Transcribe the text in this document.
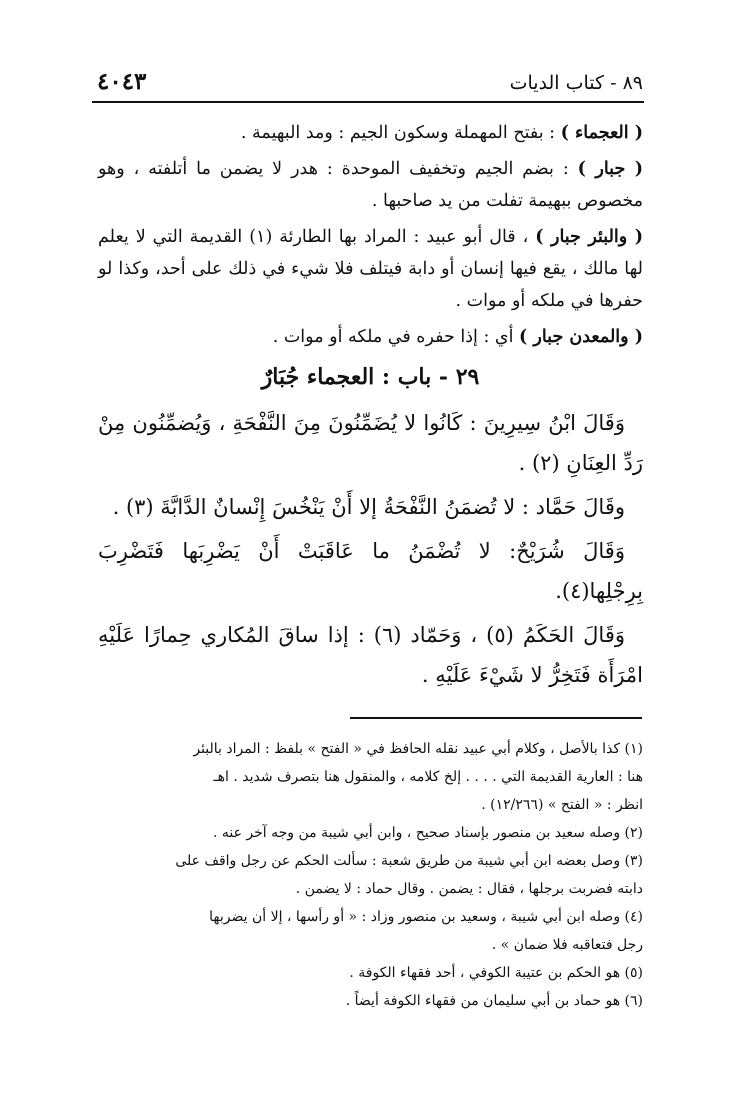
٨٩ - كتاب الديات
٤٠٤٣

( العجماء ) : بفتح المهملة وسكون الجيم : ومد البهيمة .

( جبار ) : بضم الجيم وتخفيف الموحدة : هدر لا يضمن ما أتلفته ، وهو مخصوص ببهيمة تفلت من يد صاحبها .

( والبئر جبار ) ، قال أبو عبيد : المراد بها الطارئة (١) القديمة التي لا يعلم لها مالك ، يقع فيها إنسان أو دابة فيتلف فلا شيء في ذلك على أحد، وكذا لو حفرها في ملكه أو موات .

( والمعدن جبار ) أي : إذا حفره في ملكه أو موات .

٢٩ - باب : العجماء جُبَارٌ

وَقَالَ ابْنُ سِيرِينَ : كَانُوا لا يُضَمِّنُونَ مِنَ النَّفْحَةِ ، وَيُضمِّنُون مِنْ رَدِّ العِنَانِ (٢) .

وقَالَ حَمَّاد : لا تُضمَنُ النَّفْحَةُ إلا أَنْ يَنْخُسَ إِنْسانٌ الدَّابَّةَ (٣) .

وَقَالَ شُرَيْحٌ: لا تُضْمَنُ ما عَاقَبَتْ أَنْ يَضْرِبَها فَتَضْرِبَ بِرِجْلِها(٤).

وَقَالَ الحَكَمُ (٥) ، وَحَمّاد (٦) : إذا ساقَ المُكاري حِمارًا عَلَيْهِ امْرَأَة فَتَخِرُّ لا شَيْءَ عَلَيْهِ .

(١) كذا بالأصل ، وكلام أبي عبيد نقله الحافظ في « الفتح » بلفظ : المراد بالبئر

هنا : العارية القديمة التي . . . . إلخ كلامه ، والمنقول هنا بتصرف شديد . اهـ

انظر : « الفتح » (١٢/٢٦٦) .

(٢) وصله سعيد بن منصور بإسناد صحيح ، وابن أبي شيبة من وجه آخر عنه .

(٣) وصل بعضه ابن أبي شيبة من طريق شعبة : سألت الحكم عن رجل واقف على

دابته فضربت برجلها ، فقال : يضمن . وقال حماد : لا يضمن .

(٤) وصله ابن أبي شيبة ، وسعيد بن منصور وزاد : « أو رأسها ، إلا أن يضربها

رجل فتعاقبه فلا ضمان » .

(٥) هو الحكم بن عتيبة الكوفي ، أحد فقهاء الكوفة .

(٦) هو حماد بن أبي سليمان من فقهاء الكوفة أيضاً .
